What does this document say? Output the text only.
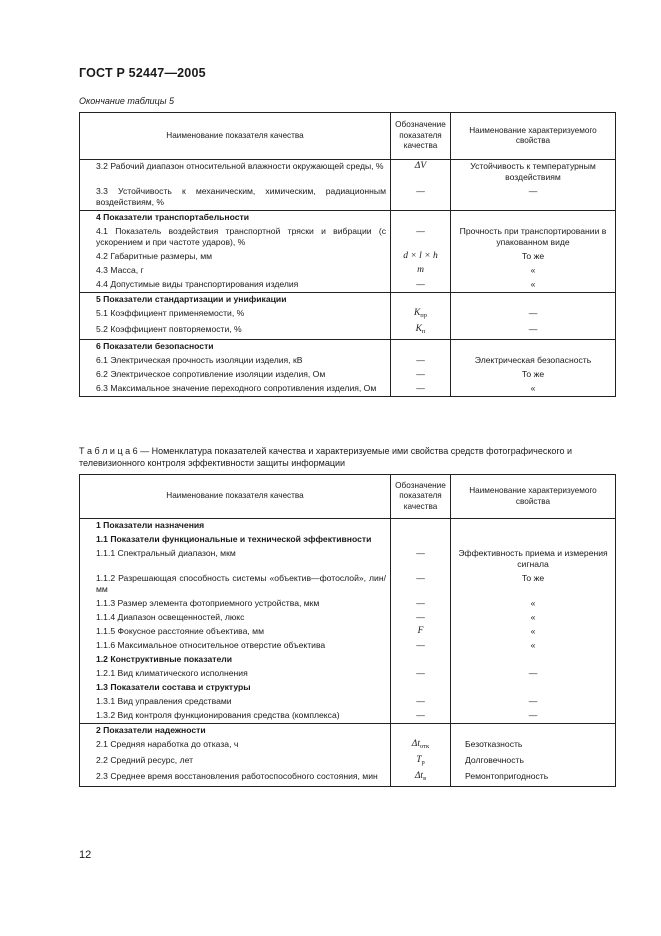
ГОСТ Р 52447—2005
Окончание таблицы 5
Наименование показателя качества	Обозначение показателя качества	Наименование характеризуемого свойства

3.2 Рабочий диапазон относительной влажности окружающей среды, %	ΔV	Устойчивость к температурным воздействиям

3.3 Устойчивость к механическим, химическим, радиационным воздействиям, %	—	—

4 Показатели транспортабельности		

4.1 Показатель воздействия транспортной тряски и вибрации (с ускорением и при частоте ударов), %	—	Прочность при транспортировании в упакованном виде

4.2 Габаритные размеры, мм	d × l × h	То же

4.3 Масса, г	m	«

4.4 Допустимые виды транспортирования изделия	—	«

5 Показатели стандартизации и унификации		

5.1 Коэффициент применяемости, %	$K_{пр}$	—

5.2 Коэффициент повторяемости, %	$K_п$	—

6 Показатели безопасности		

6.1 Электрическая прочность изоляции изделия, кВ	—	Электрическая безопасность

6.2 Электрическое сопротивление изоляции изделия, Ом	—	То же

6.3 Максимальное значение переходного сопротивления изделия, Ом	—	«
Т а б л и ц а 6 — Номенклатура показателей качества и характеризуемые ими свойства средств фотографического и телевизионного контроля эффективности защиты информации
Наименование показателя качества	Обозначение показателя качества	Наименование характеризуемого свойства

1 Показатели назначения		

1.1 Показатели функциональные и технической эффективности		

1.1.1 Спектральный диапазон, мкм	—	Эффективность приема и измерения сигнала

1.1.2 Разрешающая способность системы «объектив—фотослой», лин/мм	—	То же

1.1.3 Размер элемента фотоприемного устройства, мкм	—	«

1.1.4 Диапазон освещенностей, люкс	—	«

1.1.5 Фокусное расстояние объектива, мм	F	«

1.1.6 Максимальное относительное отверстие объектива	—	«

1.2 Конструктивные показатели		

1.2.1 Вид климатического исполнения	—	—

1.3 Показатели состава и структуры		

1.3.1 Вид управления средствами	—	—

1.3.2 Вид контроля функционирования средства (комплекса)	—	—

2 Показатели надежности		

2.1 Средняя наработка до отказа, ч	$\Delta t_{отк}$	Безотказность

2.2 Средний ресурс, лет	$T_р$	Долговечность

2.3 Среднее время восстановления работоспособного состояния, мин	$\Delta t_в$	Ремонтопригодность
12
